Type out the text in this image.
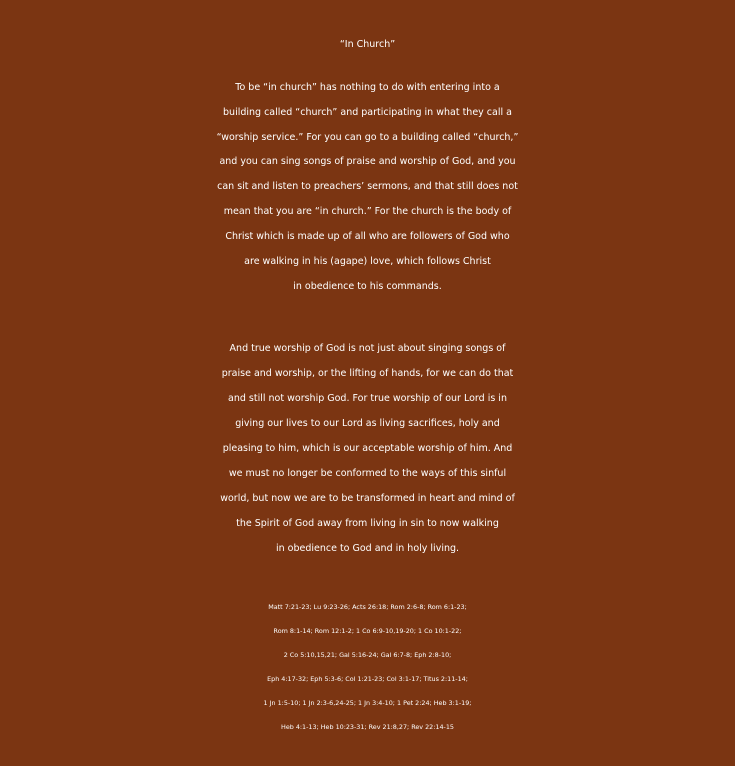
“In Church”
To be “in church” has nothing to do with entering into a
building called “church” and participating in what they call a
“worship service.” For you can go to a building called “church,”
and you can sing songs of praise and worship of God, and you
can sit and listen to preachers’ sermons, and that still does not
mean that you are “in church.” For the church is the body of
Christ which is made up of all who are followers of God who
are walking in his (agape) love, which follows Christ
in obedience to his commands.
And true worship of God is not just about singing songs of
praise and worship, or the lifting of hands, for we can do that
and still not worship God. For true worship of our Lord is in
giving our lives to our Lord as living sacrifices, holy and
pleasing to him, which is our acceptable worship of him. And
we must no longer be conformed to the ways of this sinful
world, but now we are to be transformed in heart and mind of
the Spirit of God away from living in sin to now walking
in obedience to God and in holy living.
Matt 7:21-23; Lu 9:23-26; Acts 26:18; Rom 2:6-8; Rom 6:1-23;
Rom 8:1-14; Rom 12:1-2; 1 Co 6:9-10,19-20; 1 Co 10:1-22;
2 Co 5:10,15,21; Gal 5:16-24; Gal 6:7-8; Eph 2:8-10;
Eph 4:17-32; Eph 5:3-6; Col 1:21-23; Col 3:1-17; Titus 2:11-14;
1 Jn 1:5-10; 1 Jn 2:3-6,24-25; 1 Jn 3:4-10; 1 Pet 2:24; Heb 3:1-19;
Heb 4:1-13; Heb 10:23-31; Rev 21:8,27; Rev 22:14-15
